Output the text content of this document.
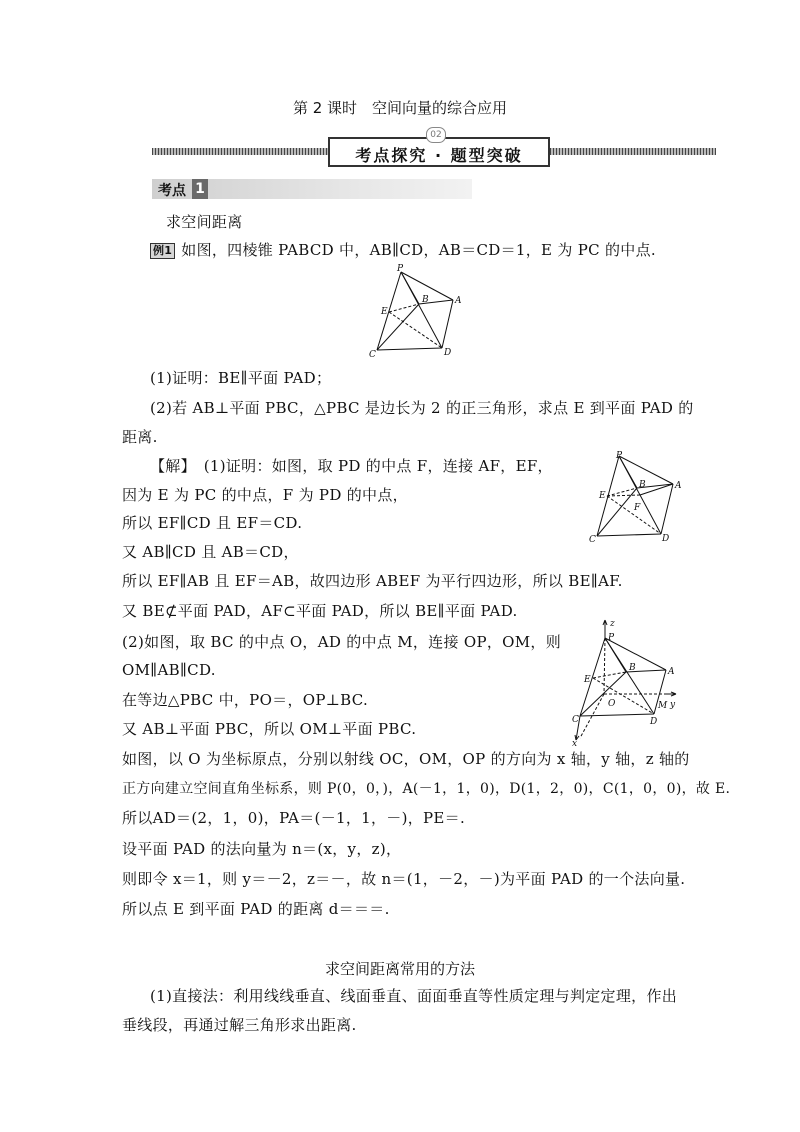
第 2 课时　空间向量的综合应用
02
考点探究 · 题型突破
考点 1
求空间距离
例1 如图，四棱锥 PABCD 中，AB∥CD，AB＝CD＝1，E 为 PC 的中点.
P
B	A
E
C	D
(1)证明：BE∥平面 PAD；
(2)若 AB⊥平面 PBC，△PBC 是边长为 2 的正三角形，求点 E 到平面 PAD 的
距离.
【解】　(1)证明：如图，取 PD 的中点 F，连接 AF，EF，
因为 E 为 PC 的中点，F 为 PD 的中点，
所以 EF∥CD 且 EF＝CD.
又 AB∥CD 且 AB＝CD，
所以 EF∥AB 且 EF＝AB，故四边形 ABEF 为平行四边形，所以 BE∥AF.
又 BE⊄平面 PAD，AF⊂平面 PAD，所以 BE∥平面 PAD.
(2)如图，取 BC 的中点 O，AD 的中点 M，连接 OP，OM，则
OM∥AB∥CD.
在等边△PBC 中，PO＝，OP⊥BC.
又 AB⊥平面 PBC，所以 OM⊥平面 PBC.
如图，以 O 为坐标原点，分别以射线 OC，OM，OP 的方向为 x 轴，y 轴，z 轴的
正方向建立空间直角坐标系，则 P(0，0，)，A(－1，1，0)，D(1，2，0)，C(1，0，0)，故 E.
所以AD＝(2，1，0)，PA＝(－1，1，－)，PE＝.
设平面 PAD 的法向量为 n＝(x，y，z)，
则即令 x＝1，则 y＝－2，z＝－，故 n＝(1，－2，－)为平面 PAD 的一个法向量.
所以点 E 到平面 PAD 的距离 d＝＝＝.
P
B	A
E
F
C	D
z
P
B	A
E
O	M y
C	D
x
求空间距离常用的方法
(1)直接法：利用线线垂直、线面垂直、面面垂直等性质定理与判定定理，作出
垂线段，再通过解三角形求出距离.
